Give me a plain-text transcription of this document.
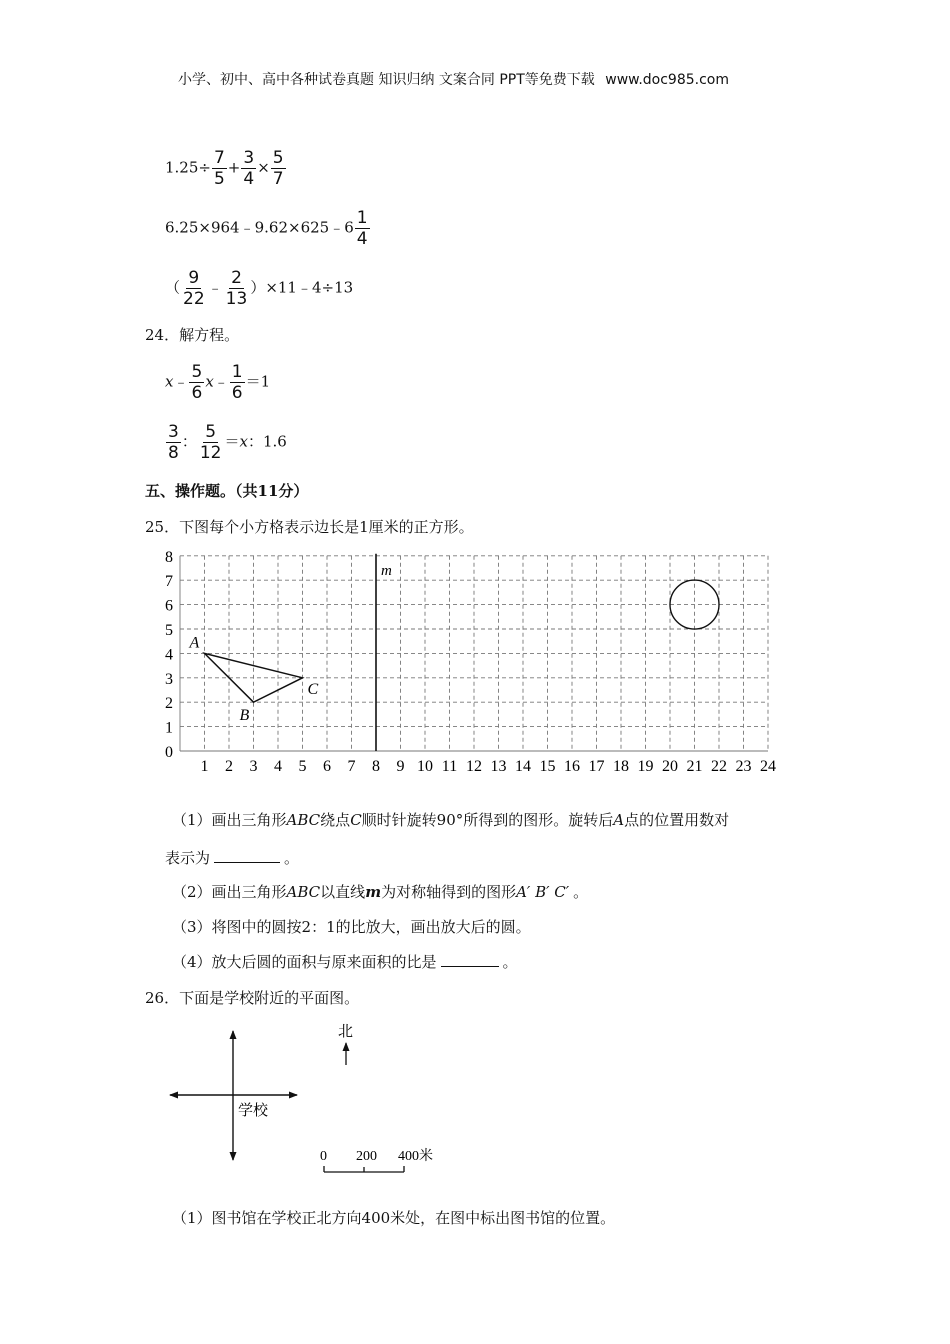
小学、初中、高中各种试卷真题 知识归纳 文案合同 PPT等免费下载 www.doc985.com
$1.25\div \frac{7}{5} + \frac{3}{4} \times \frac{5}{7}$
6.25×964﹣9.62×625﹣6 $\frac{1}{4}$
（ $\frac{9}{22}$ ﹣ $\frac{2}{13}$ ）×11﹣4÷13
24．解方程。
x﹣ $\frac{5}{6}$ x﹣ $\frac{1}{6} =1$
$\frac{3}{8}$ ： $\frac{5}{12} =x$：1.6
五、操作题。（共11分）
25．下图每个小方格表示边长是1厘米的正方形。
0
1
2
3
4
5
6
7
8
1 2 3 4 5 6 7 8 9 10 11 12 13 14 15 16 17 18 19 20 21 22 23 24
m
A
B
C
（1）画出三角形ABC绕点C顺时针旋转90°所得到的图形。旋转后A点的位置用数对
表示为	。
（2）画出三角形ABC以直线m为对称轴得到的图形A′ B′ C′ 。
（3）将图中的圆按2：1的比放大，画出放大后的圆。
（4）放大后圆的面积与原来面积的比是	。
26．下面是学校附近的平面图。
学校
北
0 200 400米
（1）图书馆在学校正北方向400米处，在图中标出图书馆的位置。
